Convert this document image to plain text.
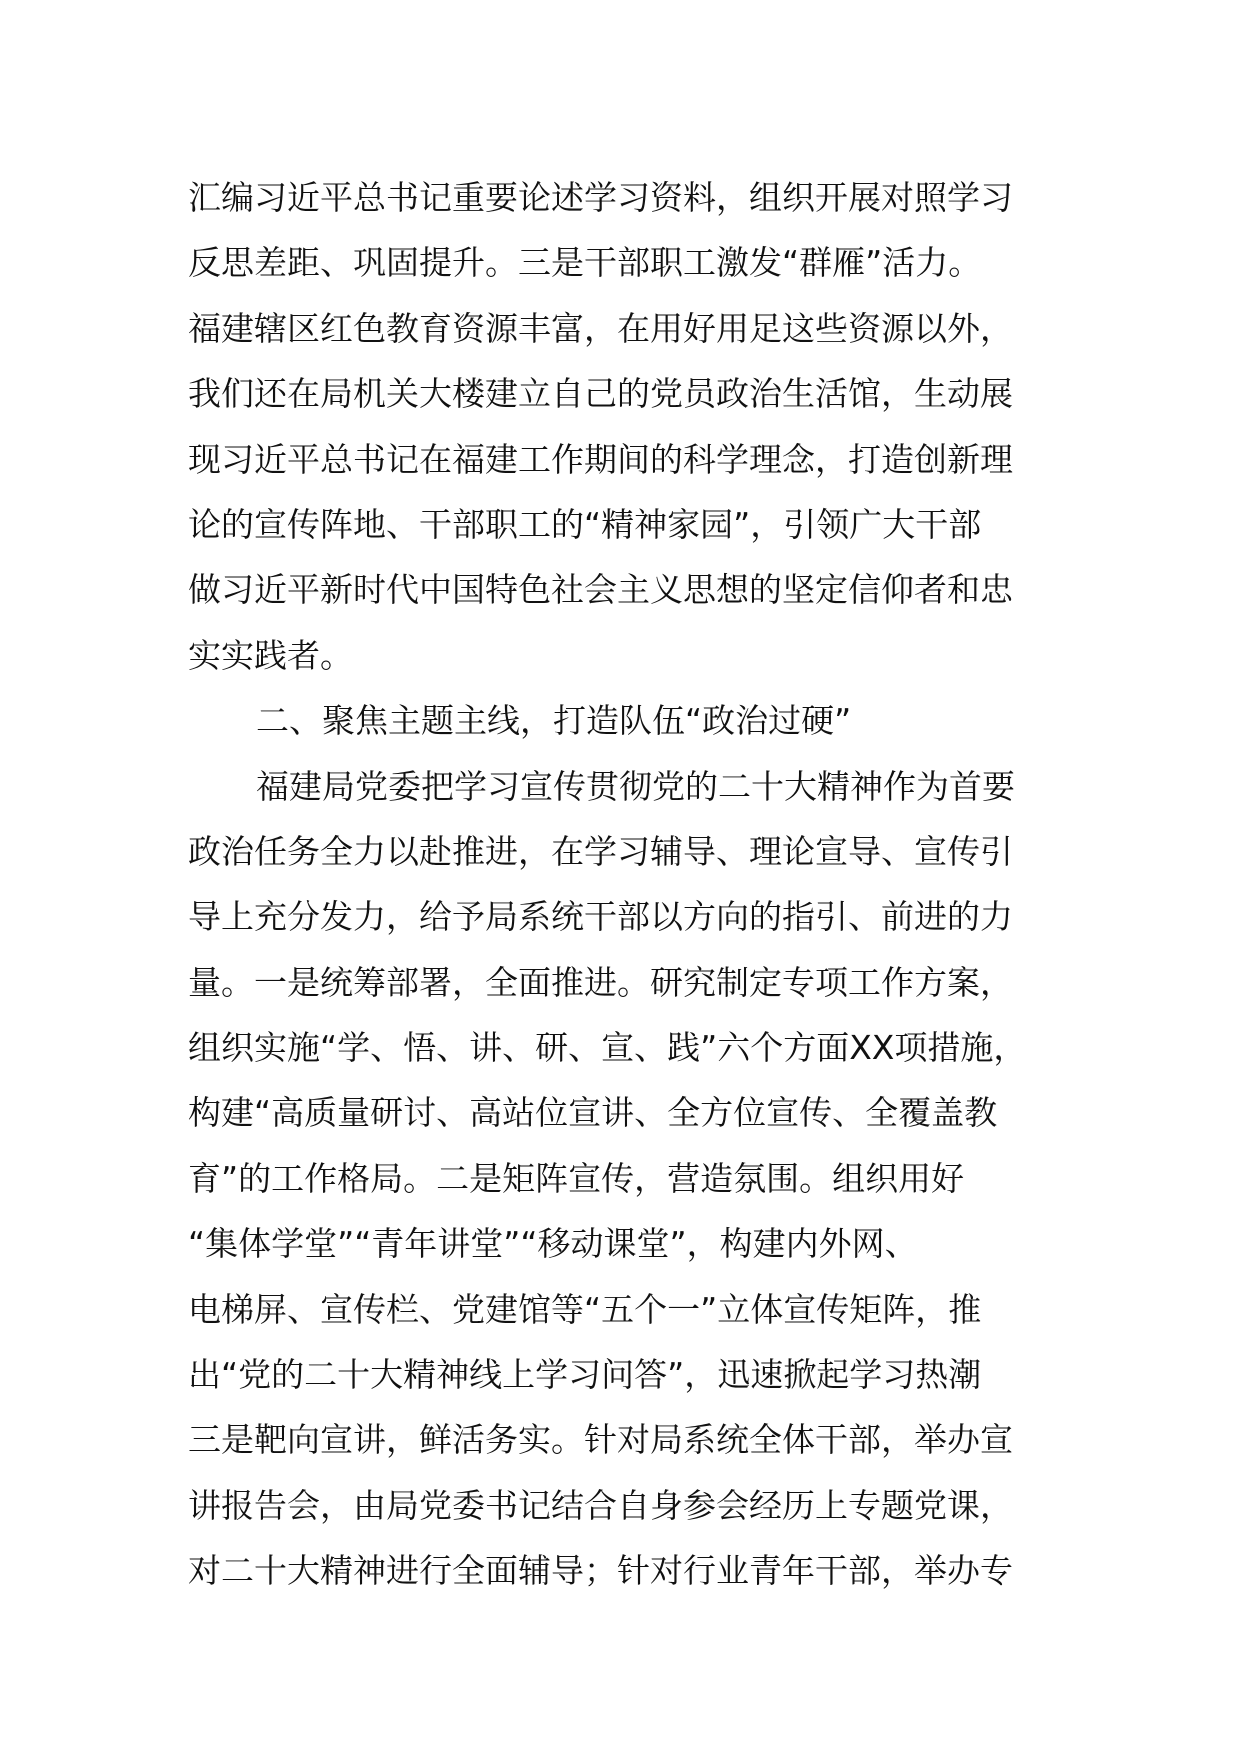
汇编习近平总书记重要论述学习资料，组织开展对照学习
反思差距、巩固提升。三是干部职工激发“群雁”活力。
福建辖区红色教育资源丰富，在用好用足这些资源以外，
我们还在局机关大楼建立自己的党员政治生活馆，生动展
现习近平总书记在福建工作期间的科学理念，打造创新理
论的宣传阵地、干部职工的“精神家园”，引领广大干部
做习近平新时代中国特色社会主义思想的坚定信仰者和忠
实实践者。
二、聚焦主题主线，打造队伍“政治过硬”
福建局党委把学习宣传贯彻党的二十大精神作为首要
政治任务全力以赴推进，在学习辅导、理论宣导、宣传引
导上充分发力，给予局系统干部以方向的指引、前进的力
量。一是统筹部署，全面推进。研究制定专项工作方案，
组织实施“学、悟、讲、研、宣、践”六个方面XX项措施，
构建“高质量研讨、高站位宣讲、全方位宣传、全覆盖教
育”的工作格局。二是矩阵宣传，营造氛围。组织用好
“集体学堂”“青年讲堂”“移动课堂”，构建内外网、
电梯屏、宣传栏、党建馆等“五个一”立体宣传矩阵，推
出“党的二十大精神线上学习问答”，迅速掀起学习热潮
三是靶向宣讲，鲜活务实。针对局系统全体干部，举办宣
讲报告会，由局党委书记结合自身参会经历上专题党课，
对二十大精神进行全面辅导；针对行业青年干部，举办专
